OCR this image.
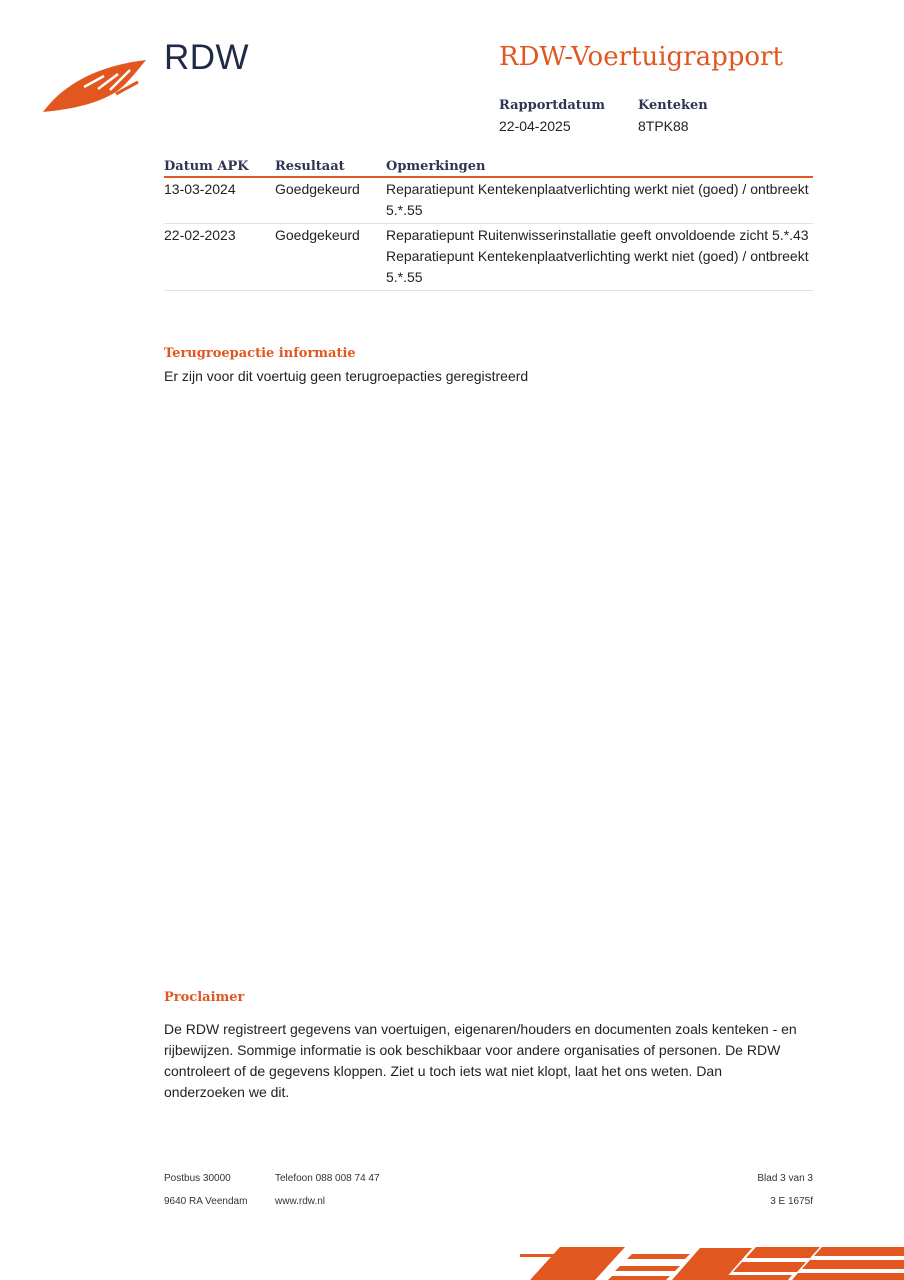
RDW	RDW-Voertuigrapport
Rapportdatum
22-04-2025
Kenteken
8TPK88
Datum APK	Resultaat	Opmerkingen
13-03-2024	Goedgekeurd	Reparatiepunt Kentekenplaatverlichting werkt niet (goed) / ontbreekt 5.*.55

22-02-2023	Goedgekeurd	Reparatiepunt Ruitenwisserinstallatie geeft onvoldoende zicht 5.*.43
Reparatiepunt Kentekenplaatverlichting werkt niet (goed) / ontbreekt 5.*.55
Terugroepactie informatie
Er zijn voor dit voertuig geen terugroepacties geregistreerd
Proclaimer
De RDW registreert gegevens van voertuigen, eigenaren/houders en documenten zoals kenteken - en rijbewijzen. Sommige informatie is ook beschikbaar voor andere organisaties of personen. De RDW controleert of de gegevens kloppen. Ziet u toch iets wat niet klopt, laat het ons weten. Dan onderzoeken we dit.
Postbus 30000
9640 RA Veendam
Telefoon 088 008 74 47
www.rdw.nl
Blad 3 van 3
3 E 1675f
